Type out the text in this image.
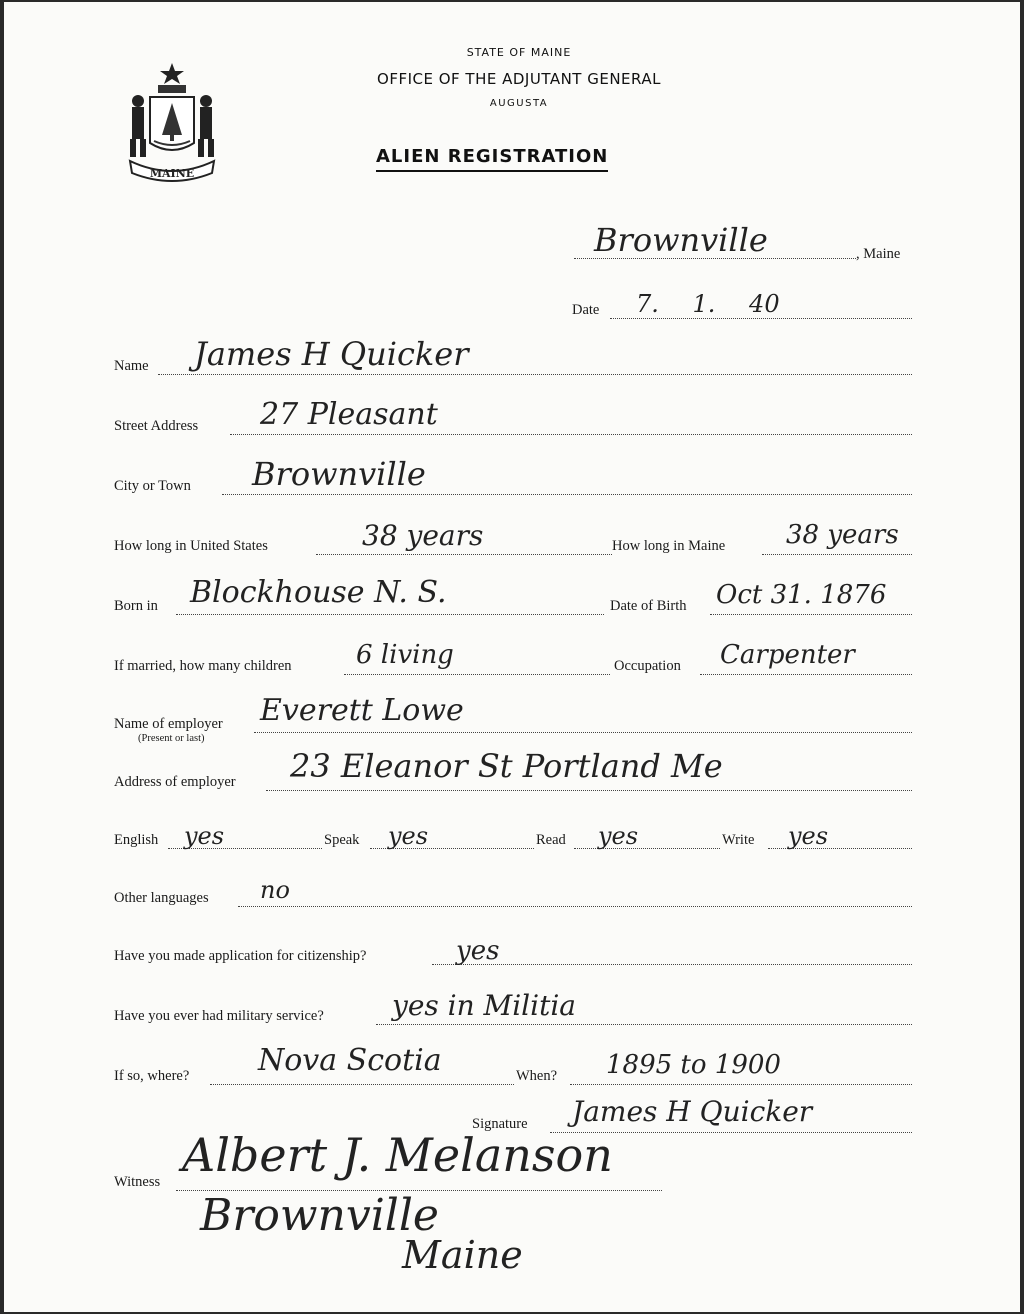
MAINE
STATE OF MAINE
OFFICE OF THE ADJUTANT GENERAL
AUGUSTA
ALIEN REGISTRATION
Brownville	, Maine
Date 7. 1. 40
Name James H Quicker
Street Address 27 Pleasant
City or Town Brownville
How long in United States	38 years	How long in Maine 38 years
Born in Blockhouse N. S.	Date of Birth Oct 31. 1876
If married, how many children 6 living	Occupation Carpenter
Name of employer
(Present or last)
Everett Lowe
Address of employer 23 Eleanor St Portland Me
English yes	Speak yes	Read yes	Write yes
Other languages no
Have you made application for citizenship?	yes
Have you ever had military service? yes in Militia
If so, where? Nova Scotia	When? 1895 to 1900
Signature James H Quicker
Witness Albert J. Melanson
Brownville
Maine
